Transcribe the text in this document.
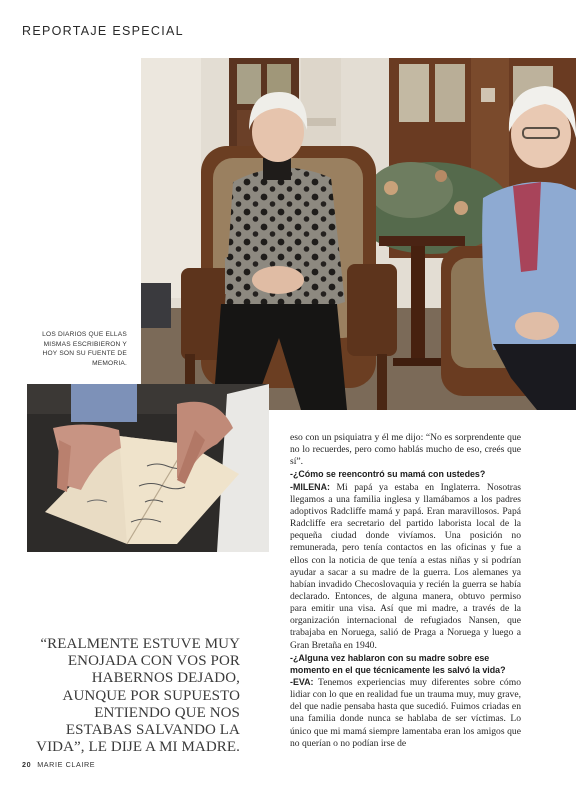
REPORTAJE ESPECIAL
LOS DIARIOS QUE ELLAS MISMAS ESCRIBIERON Y HOY SON SU FUENTE DE MEMORIA.
“REALMENTE ESTUVE MUY ENOJADA CON VOS POR HABERNOS DEJADO, AUNQUE POR SUPUESTO ENTIENDO QUE NOS ESTABAS SALVANDO LA VIDA”, LE DIJE A MI MADRE.

eso con un psiquiatra y él me dijo: “No es sorprendente que no lo recuerdes, pero como hablás mucho de eso, creés que sí”.

-¿Cómo se reencontró su mamá con ustedes?

-MILENA: Mi papá ya estaba en Inglaterra. Nosotras llegamos a una familia inglesa y llamábamos a los padres adoptivos Radcliffe mamá y papá. Eran maravillosos. Papá Radcliffe era secretario del partido laborista local de la pequeña ciudad donde vivíamos. Una posición no remunerada, pero tenía contactos en las oficinas y fue a ellos con la noticia de que tenía a estas niñas y si podrían ayudar a sacar a su madre de la guerra. Los alemanes ya habían invadido Checoslovaquia y recién la guerra se había declarado. Entonces, de alguna manera, obtuvo permiso para emitir una visa. Así que mi madre, a través de la organización internacional de refugiados Nansen, que trabajaba en Noruega, salió de Praga a Noruega y luego a Gran Bretaña en 1940.

-¿Alguna vez hablaron con su madre sobre ese momento en el que técnicamente les salvó la vida?

-EVA: Tenemos experiencias muy diferentes sobre cómo lidiar con lo que en realidad fue un trauma muy, muy grave, del que nadie pensaba hasta que sucedió. Fuimos criadas en una familia donde nunca se hablaba de ser víctimas. Lo único que mi mamá siempre lamentaba eran los amigos que no querían o no podían irse de

20 MARIE CLAIRE
